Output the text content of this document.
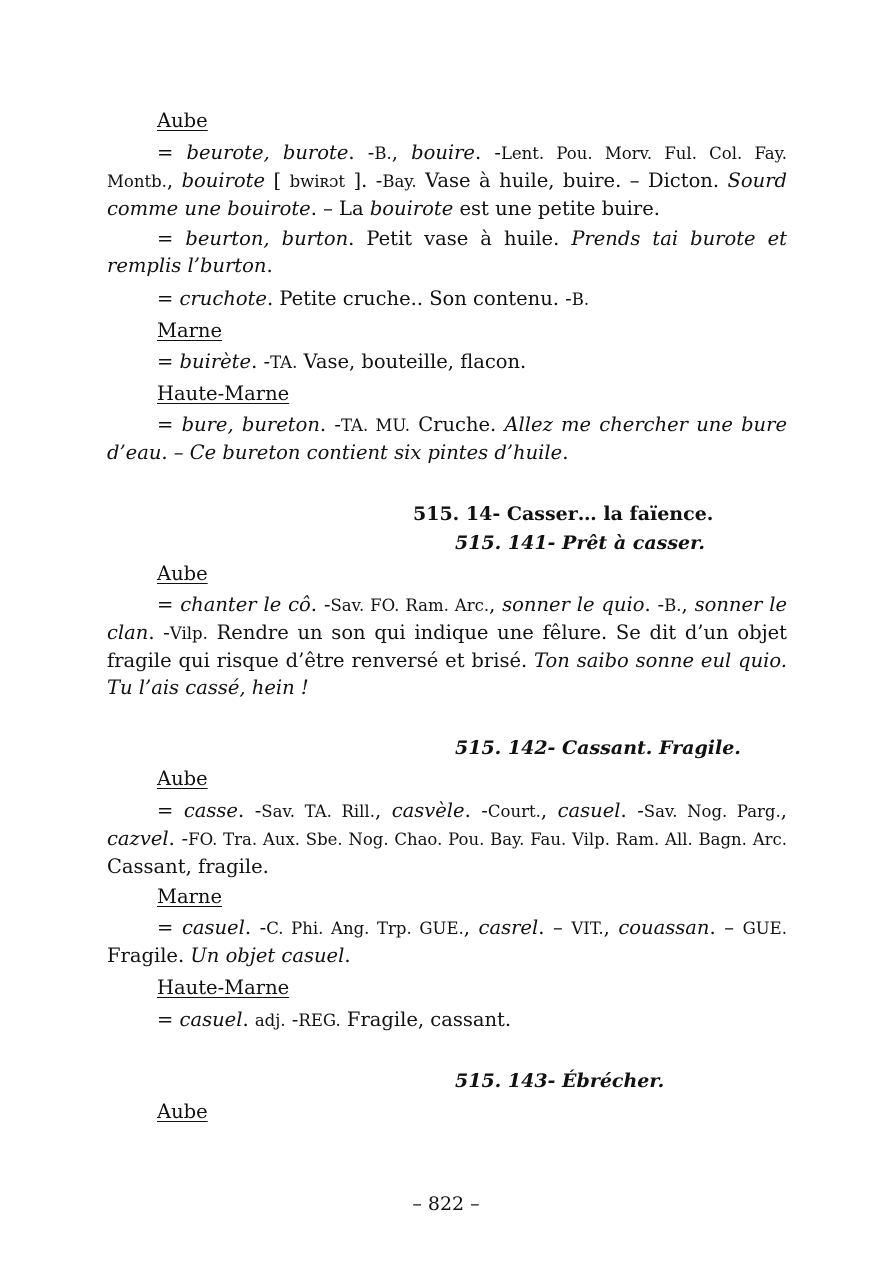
– 822 –
Aube

= beurote, burote. -B., bouire. -Lent. Pou. Morv. Ful. Col. Fay. Montb., bouirote [ bwiʀɔt ]. -Bay. Vase à huile, buire. – Dicton. Sourd comme une bouirote. – La bouirote est une petite buire.

= beurton, burton. Petit vase à huile. Prends tai burote et remplis l’burton.

= cruchote. Petite cruche.. Son contenu. -B.

Marne

= buirète. -TA. Vase, bouteille, flacon.

Haute-Marne

= bure, bureton. -TA. MU. Cruche. Allez me chercher une bure d’eau. – Ce bureton contient six pintes d’huile.

515. 14- Casser… la faïence.
515. 141- Prêt à casser.
Aube

= chanter le cô. -Sav. FO. Ram. Arc., sonner le quio. -B., sonner le clan. -Vilp. Rendre un son qui indique une fêlure. Se dit d’un objet fragile qui risque d’être renversé et brisé. Ton saibo sonne eul quio. Tu l’ais cassé, hein !

515. 142- Cassant. Fragile.
Aube

= casse. -Sav. TA. Rill., casvèle. -Court., casuel. -Sav. Nog. Parg., cazvel. -FO. Tra. Aux. Sbe. Nog. Chao. Pou. Bay. Fau. Vilp. Ram. All. Bagn. Arc. Cassant, fragile.

Marne

= casuel. -C. Phi. Ang. Trp. GUE., casrel. – VIT., couassan. – GUE. Fragile. Un objet casuel.

Haute-Marne

= casuel. adj. -REG. Fragile, cassant.

515. 143- Ébrécher.
Aube
